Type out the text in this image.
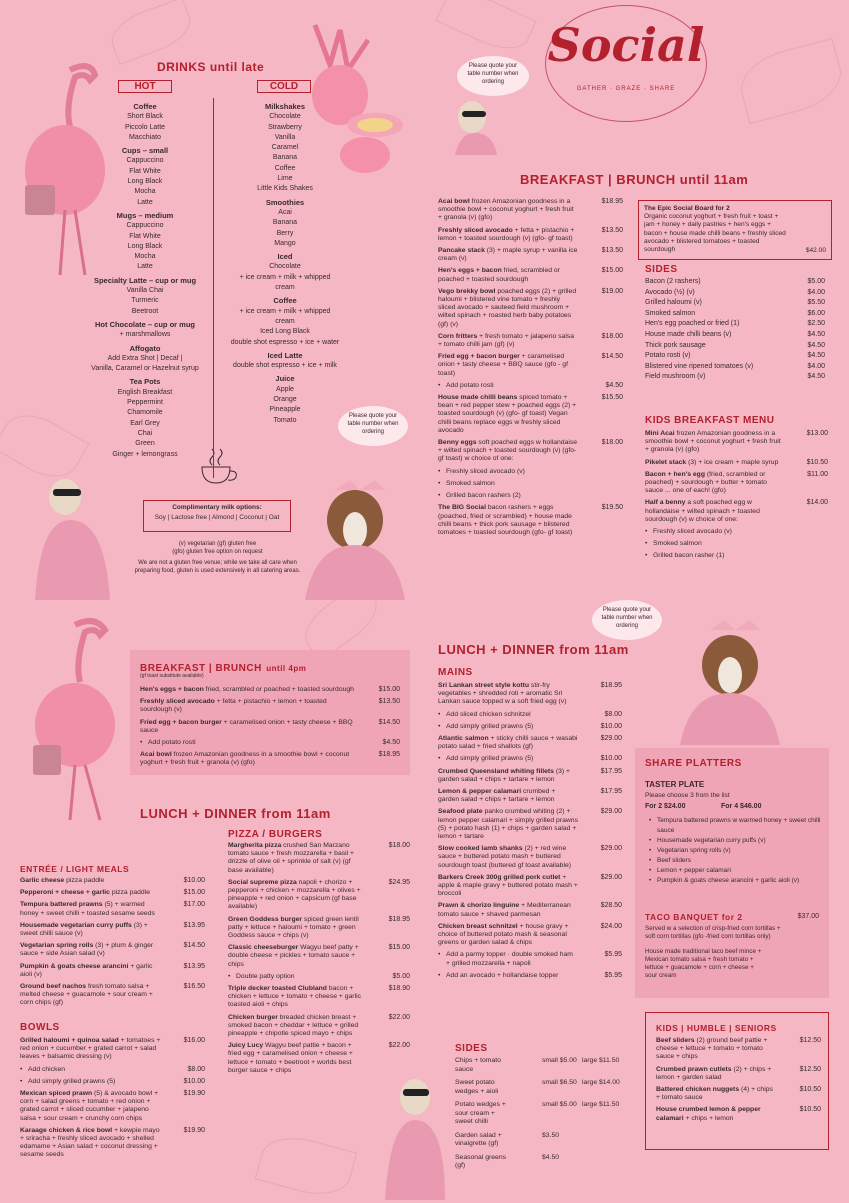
Social
GATHER · GRAZE · SHARE
Please quote your table number when ordering
Please quote your table number when ordering
Please quote your table number when ordering
DRINKS until late
HOT	COLD
Coffee
Short Black
Piccolo Latte
Macchiato
Cups – small
Cappuccino
Flat White
Long Black
Mocha
Latte
Mugs – medium
Cappuccino
Flat White
Long Black
Mocha
Latte
Specialty Latte – cup or mug
Vanilla Chai
Turmeric
Beetroot
Hot Chocolate – cup or mug
+ marshmallows
Affogato
Add Extra Shot | Decaf |
Vanilla, Caramel or Hazelnut syrup
Tea Pots
English Breakfast
Peppermint
Chamomile
Earl Grey
Chai
Green
Ginger + lemongrass
Milkshakes
Chocolate
Strawberry
Vanilla
Caramel
Banana
Coffee
Lime
Little Kids Shakes
Smoothies
Acai
Banana
Berry
Mango
Iced
Chocolate
+ ice cream + milk + whipped cream
Coffee
+ ice cream + milk + whipped cream
Iced Long Black
double shot espresso + ice + water
Iced Latte
double shot espresso + ice + milk
Juice
Apple
Orange
Pineapple
Tomato
Complimentary milk options:
Soy | Lactose free | Almond | Coconut | Oat
(v) vegetarian (gf) gluten free
(gfo) gluten free option on request
We are not a gluten free venue; while we take all care when
preparing food, gluten is used extensively in all catering areas.
BREAKFAST | BRUNCH until 11am
Acai bowl frozen Amazonian goodness in a smoothie bowl + coconut yoghurt + fresh fruit + granola (v) (gfo)
$18.95
Freshly sliced avocado + fetta + pistachio + lemon + toasted sourdough (v) (gfo- gf toast)
$13.50
Pancake stack (3) + maple syrup + vanilla ice cream (v)
$13.50
Hen's eggs + bacon fried, scrambled or poached + toasted sourdough
$15.00
Vego brekky bowl poached eggs (2) + grilled haloumi + blistered vine tomato + freshly sliced avocado + sauteed field mushroom + wilted spinach + roasted herb baby potatoes (gf) (v)
$19.00
Corn fritters + fresh tomato + jalapeno salsa + tomato chilli jam (gf) (v)
$18.00
Fried egg + bacon burger + caramelised onion + tasty cheese + BBQ sauce (gfo - gf toast)
$14.50
• Add potato rosti	$4.50
House made chilli beans spiced tomato + bean + red pepper stew + poached eggs (2) + toasted sourdough (v) (gfo- gf toast) Vegan chilli beans replace eggs w freshly sliced avocado
$15.50
Benny eggs soft poached eggs w hollandaise + wilted spinach + toasted sourdough (v) (gfo- gf toast) w choice of one:
$18.00
• Freshly sliced avocado (v)
• Smoked salmon
• Grilled bacon rashers (2)
The BIG Social bacon rashers + eggs (poached, fried or scrambled) + house made chilli beans + thick pork sausage + blistered tomatoes + toasted sourdough (gfo- gf toast)
$19.50
The Epic Social Board for 2
Organic coconut yoghurt + fresh fruit + toast + jam + honey + daily pastries + hen's eggs + bacon + house made chilli beans + freshly sliced avocado + blistered tomatoes + toasted sourdough	$42.00
SIDES
Bacon (2 rashers)	$5.00
Avocado (½) (v)	$4.00
Grilled haloumi (v)	$5.50
Smoked salmon	$6.00
Hen's egg poached or fried (1)	$2.50
House made chilli beans (v)	$4.50
Thick pork sausage	$4.50
Potato rosti (v)	$4.50
Blistered vine ripened tomatoes (v)	$4.00
Field mushroom (v)	$4.50
KIDS BREAKFAST MENU
Mini Acai frozen Amazonian goodness in a smoothie bowl + coconut yoghurt + fresh fruit + granola (v) (gfo)
$13.00
Pikelet stack (3) + ice cream + maple syrup	$10.50
Bacon + hen's egg (fried, scrambled or poached) + sourdough + butter + tomato sauce ... one of each! (gfo)
$11.00
Half a benny a soft poached egg w hollandaise + wilted spinach + toasted sourdough (v) w choice of one:
$14.00
• Freshly sliced avocado (v)
• Smoked salmon
• Grilled bacon rasher (1)
BREAKFAST | BRUNCH until 4pm
(gf toast substitute available)
Hen's eggs + bacon fried, scrambled or poached + toasted sourdough	$15.00
Freshly sliced avocado + fetta + pistachio + lemon + toasted sourdough (v)
$13.50
Fried egg + bacon burger + caramelised onion + tasty cheese + BBQ sauce
$14.50
• Add potato rosti	$4.50
Acai bowl frozen Amazonian goodness in a smoothie bowl + coconut yoghurt + fresh fruit + granola (v) (gfo)
$18.95
LUNCH + DINNER from 11am
ENTRÉE / LIGHT MEALS
Garlic cheese pizza paddle	$10.00
Pepperoni + cheese + garlic pizza paddle	$15.00
Tempura battered prawns (5) + warmed honey + sweet chilli + toasted sesame seeds
$17.00
Housemade vegetarian curry puffs (3) + sweet chilli sauce (v)
$13.95
Vegetarian spring rolls (3) + plum & ginger sauce + side Asian salad (v)
$14.50
Pumpkin & goats cheese arancini + garlic aioli (v)
$13.95
Ground beef nachos fresh tomato salsa + melted cheese + guacamole + sour cream + corn chips (gf)
$16.50
BOWLS
Grilled haloumi + quinoa salad + tomatoes + red onion + cucumber + grated carrot + salad leaves + balsamic dressing (v)
$16.00
• Add chicken	$8.00
• Add simply grilled prawns (5)	$10.00
Mexican spiced prawn (5) & avocado bowl + corn + salad greens + tomato + red onion + grated carrot + sliced cucumber + jalapeno salsa + sour cream + crunchy corn chips
$19.90
Karaage chicken & rice bowl + kewpie mayo + sriracha + freshly sliced avocado + shelled edamame + Asian salad + coconut dressing + sesame seeds
$19.90
PIZZA / BURGERS
Margherita pizza crushed San Marzano tomato sauce + fresh mozzarella + basil + drizzle of olive oil + sprinkle of salt (v) (gf base available)
$18.00
Social supreme pizza napoli + chorizo + pepperoni + chicken + mozzarella + olives + pineapple + red onion + capsicum (gf base available)
$24.95
Green Goddess burger spiced green lentil patty + lettuce + haloumi + tomato + green Goddess sauce + chips (v)
$18.95
Classic cheeseburger Wagyu beef patty + double cheese + pickles + tomato sauce + chips
$15.00
• Double patty option	$5.00
Triple decker toasted Clubland bacon + chicken + lettuce + tomato + cheese + garlic toasted aioli + chips
$18.90
Chicken burger breaded chicken breast + smoked bacon + cheddar + lettuce + grilled pineapple + chipotle spiced mayo + chips
$22.00
Juicy Lucy Wagyu beef pattie + bacon + fried egg + caramelised onion + cheese + lettuce + tomato + beetroot + worlds best burger sauce + chips
$22.00
LUNCH + DINNER from 11am
MAINS
Sri Lankan street style kottu stir-fry vegetables + shredded roti + aromatic Sri Lankan sauce topped w a soft fried egg (v)
$18.95
• Add sliced chicken schnitzel	$8.00
• Add simply grilled prawns (5)	$10.00
Atlantic salmon + sticky chilli sauce + wasabi potato salad + fried shallots (gf)
$29.00
• Add simply grilled prawns (5)	$10.00
Crumbed Queensland whiting fillets (3) + garden salad + chips + tartare + lemon
$17.95
Lemon & pepper calamari crumbed + garden salad + chips + tartare + lemon
$17.95
Seafood plate panko crumbed whiting (2) + lemon pepper calamari + simply grilled prawns (5) + potato hash (1) + chips + garden salad + lemon + tartare
$29.00
Slow cooked lamb shanks (2) + red wine sauce + buttered potato mash + buttered sourdough toast (buttered gf toast available)
$29.00
Barkers Creek 300g grilled pork cutlet + apple & maple gravy + buttered potato mash + broccoli
$29.00
Prawn & chorizo linguine + Mediterranean tomato sauce + shaved parmesan
$28.50
Chicken breast schnitzel + house gravy + choice of buttered potato mash & seasonal greens or garden salad & chips
$24.00
• Add a parmy topper · double smoked ham + grilled mozzarella + napoli
$5.95
• Add an avocado + hollandaise topper	$5.95
SIDES
Chips + tomato sauce
small $5.00 large $11.50
Sweet potato wedges + aioli
small $6.50 large $14.00
Potato wedges + sour cream + sweet chilli
small $5.00 large $11.50
Garden salad + vinaigrette (gf)
$3.50
Seasonal greens (gf)
$4.50
SHARE PLATTERS
TASTER PLATE
Please choose 3 from the list
For 2 $24.00	For 4 $46.00
• Tempura battered prawns w warmed honey + sweet chilli sauce
• Housemade vegetarian curry puffs (v)
• Vegetarian spring rolls (v)
• Beef sliders
• Lemon + pepper calamari
• Pumpkin & goats cheese arancini + garlic aioli (v)
TACO BANQUET for 2	$37.00
Served w a selection of crisp-fried corn tortillas + soft corn tortillas (gfo -fried corn tortillas only)
House made traditional taco beef mince + Mexican tomato salsa + fresh tomato + lettuce + guacamole + corn + cheese + sour cream
KIDS | HUMBLE | SENIORS
Beef sliders (2) ground beef pattie + cheese + lettuce + tomato + tomato sauce + chips
$12.50
Crumbed prawn cutlets (2) + chips + lemon + garden salad
$12.50
Battered chicken nuggets (4) + chips + tomato sauce
$10.50
House crumbed lemon & pepper calamari + chips + lemon
$10.50
